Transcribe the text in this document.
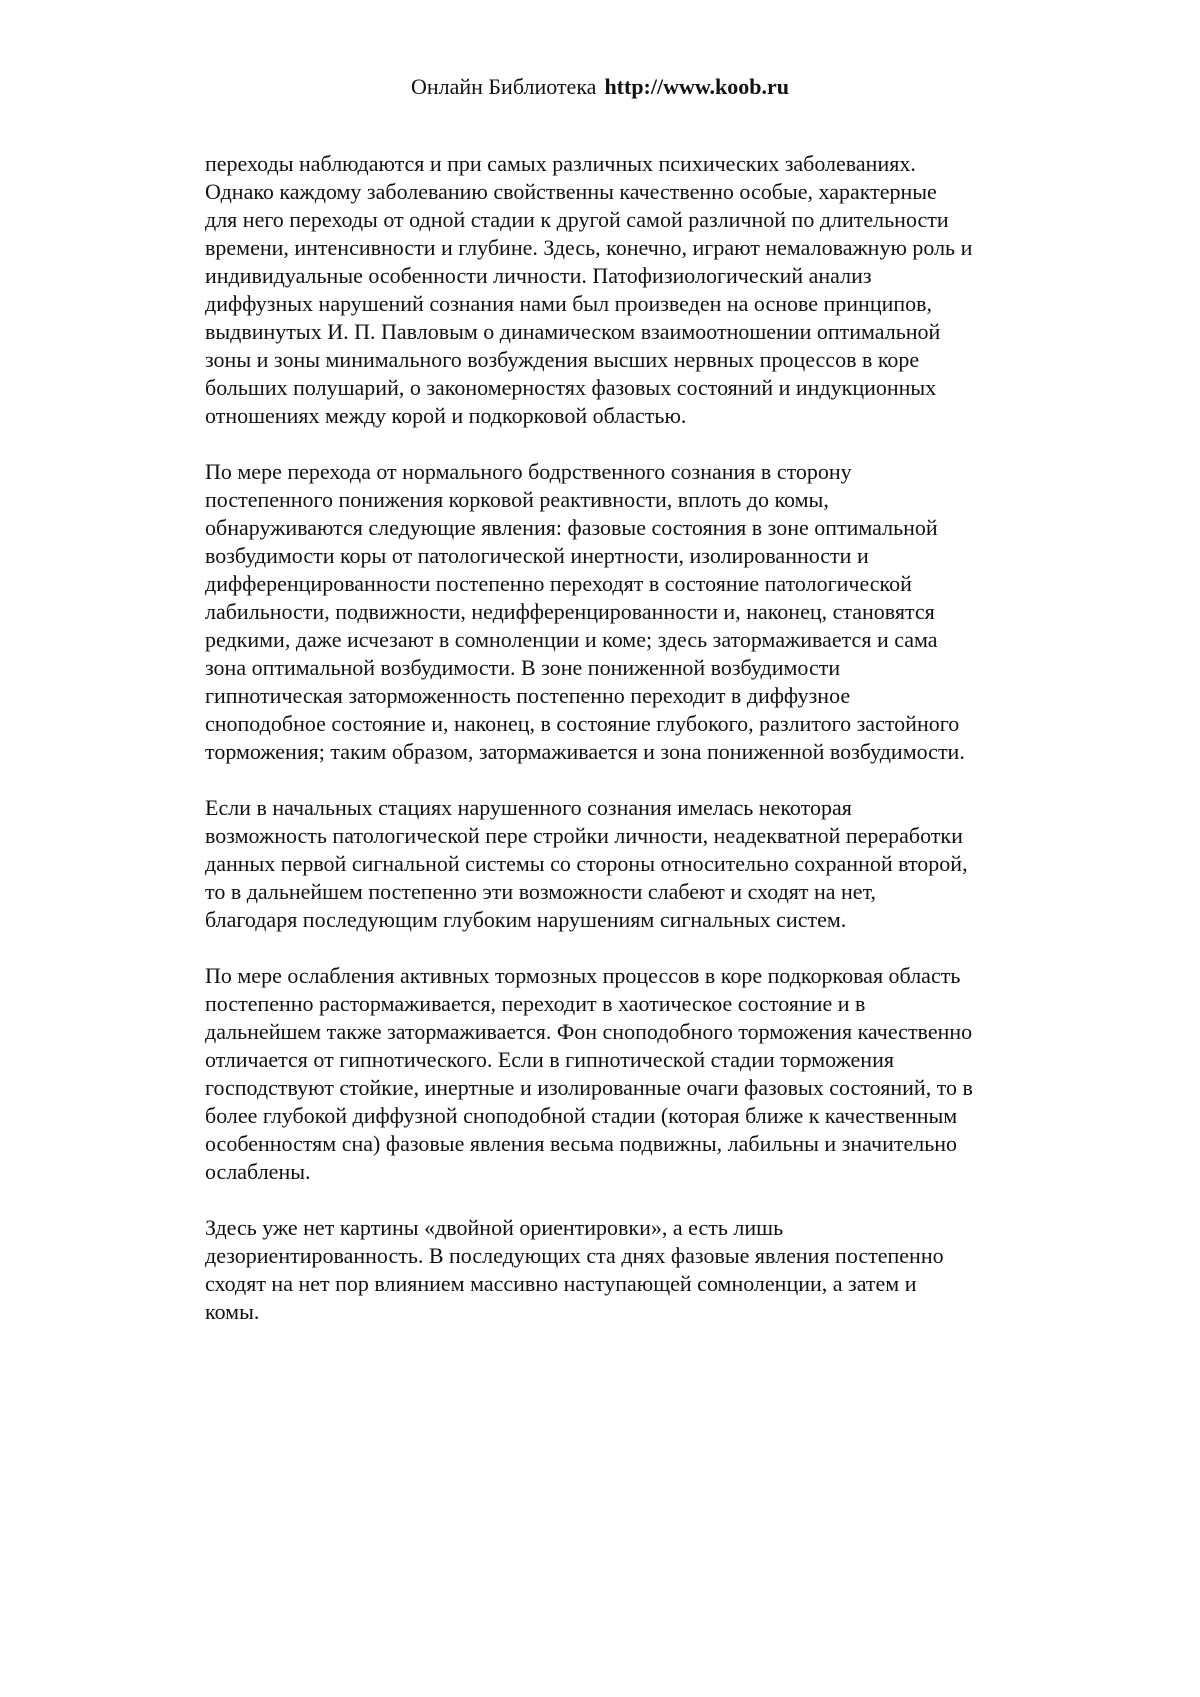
Онлайн Библиотека http://www.koob.ru
переходы наблюдаются и при самых различных психических заболеваниях.
Однако каждому заболеванию свойственны качественно особые, характерные
для него переходы от одной стадии к другой самой различной по длительности
времени, интенсивности и глубине. Здесь, конечно, играют немаловажную роль и
индивидуальные особенности личности. Патофизиологический анализ
диффузных нарушений сознания нами был произведен на основе принципов,
выдвинутых И. П. Павловым о динамическом взаимоотношении оптимальной
зоны и зоны минимального возбуждения высших нервных процессов в коре
больших полушарий, о закономерностях фазовых состояний и индукционных
отношениях между корой и подкорковой областью.
По мере перехода от нормального бодрственного сознания в сторону
постепенного понижения корковой реактивности, вплоть до комы,
обнаруживаются следующие явления: фазовые состояния в зоне оптимальной
возбудимости коры от патологической инертности, изолированности и
дифференцированности постепенно переходят в состояние патологической
лабильности, подвижности, недифференцированности и, наконец, становятся
редкими, даже исчезают в сомноленции и коме; здесь затормаживается и сама
зона оптимальной возбудимости. В зоне пониженной возбудимости
гипнотическая заторможенность постепенно переходит в диффузное
сноподобное состояние и, наконец, в состояние глубокого, разлитого застойного
торможения; таким образом, затормаживается и зона пониженной возбудимости.
Если в начальных стациях нарушенного сознания имелась некоторая
возможность патологической пере стройки личности, неадекватной переработки
данных первой сигнальной системы со стороны относительно сохранной второй,
то в дальнейшем постепенно эти возможности слабеют и сходят на нет,
благодаря последующим глубоким нарушениям сигнальных систем.
По мере ослабления активных тормозных процессов в коре подкорковая область
постепенно растормаживается, переходит в хаотическое состояние и в
дальнейшем также затормаживается. Фон сноподобного торможения качественно
отличается от гипнотического. Если в гипнотической стадии торможения
господствуют стойкие, инертные и изолированные очаги фазовых состояний, то в
более глубокой диффузной сноподобной стадии (которая ближе к качественным
особенностям сна) фазовые явления весьма подвижны, лабильны и значительно
ослаблены.
Здесь уже нет картины «двойной ориентировки», а есть лишь
дезориентированность. В последующих ста днях фазовые явления постепенно
сходят на нет пор влиянием массивно наступающей сомноленции, а затем и
комы.
